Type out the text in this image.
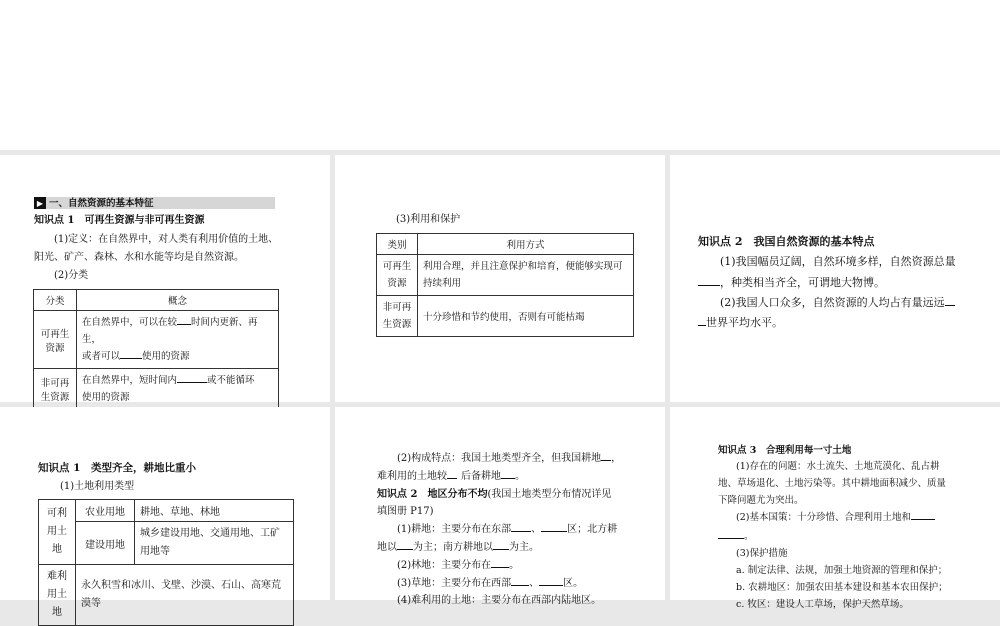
▶ 一、自然资源的基本特征
知识点 1　可再生资源与非可再生资源
(1)定义：在自然界中，对人类有利用价值的土地、
阳光、矿产、森林、水和水能等均是自然资源。
(2)分类
分类	概念
可再生资源	在自然界中，可以在较 时间内更新、再生，
或者可以 使用的资源
非可再生资源	在自然界中，短时间内 或不能循环
使用的资源
(3)利用和保护
类别	利用方式
可再生资源	利用合理，并且注意保护和培育，便能够实现可持续利用
非可再生资源	十分珍惜和节约使用，否则有可能枯竭
知识点 2　我国自然资源的基本特点
(1)我国幅员辽阔，自然环境多样，自然资源总量
，种类相当齐全，可谓地大物博。
(2)我国人口众多，自然资源的人均占有量远远
世界平均水平。
知识点 1　类型齐全，耕地比重小
(1)土地利用类型
可利用土地	农业用地	耕地、草地、林地
	建设用地	城乡建设用地、交通用地、工矿用地等
难利用土地	永久积雪和冰川、戈壁、沙漠、石山、高寒荒漠等	
(2)构成特点：我国土地类型齐全，但我国耕地 ，
难利用的土地较 后备耕地 。
知识点 2　地区分布不均(我国土地类型分布情况详见
填图册 P17)
(1)耕地：主要分布在东部 、	区；北方耕
地以 为主；南方耕地以 为主。
(2)林地：主要分布在 。
(3)草地：主要分布在西部 、 区。
(4)难利用的土地：主要分布在西部内陆地区。
知识点 3　合理利用每一寸土地
(1)存在的问题：水土流失、土地荒漠化、乱占耕
地、草场退化、土地污染等。其中耕地面积减少、质量
下降问题尤为突出。
(2)基本国策：十分珍惜、合理利用土地和
。
(3)保护措施
a. 制定法律、法规，加强土地资源的管理和保护；
b. 农耕地区：加强农田基本建设和基本农田保护；
c. 牧区：建设人工草场，保护天然草场。
